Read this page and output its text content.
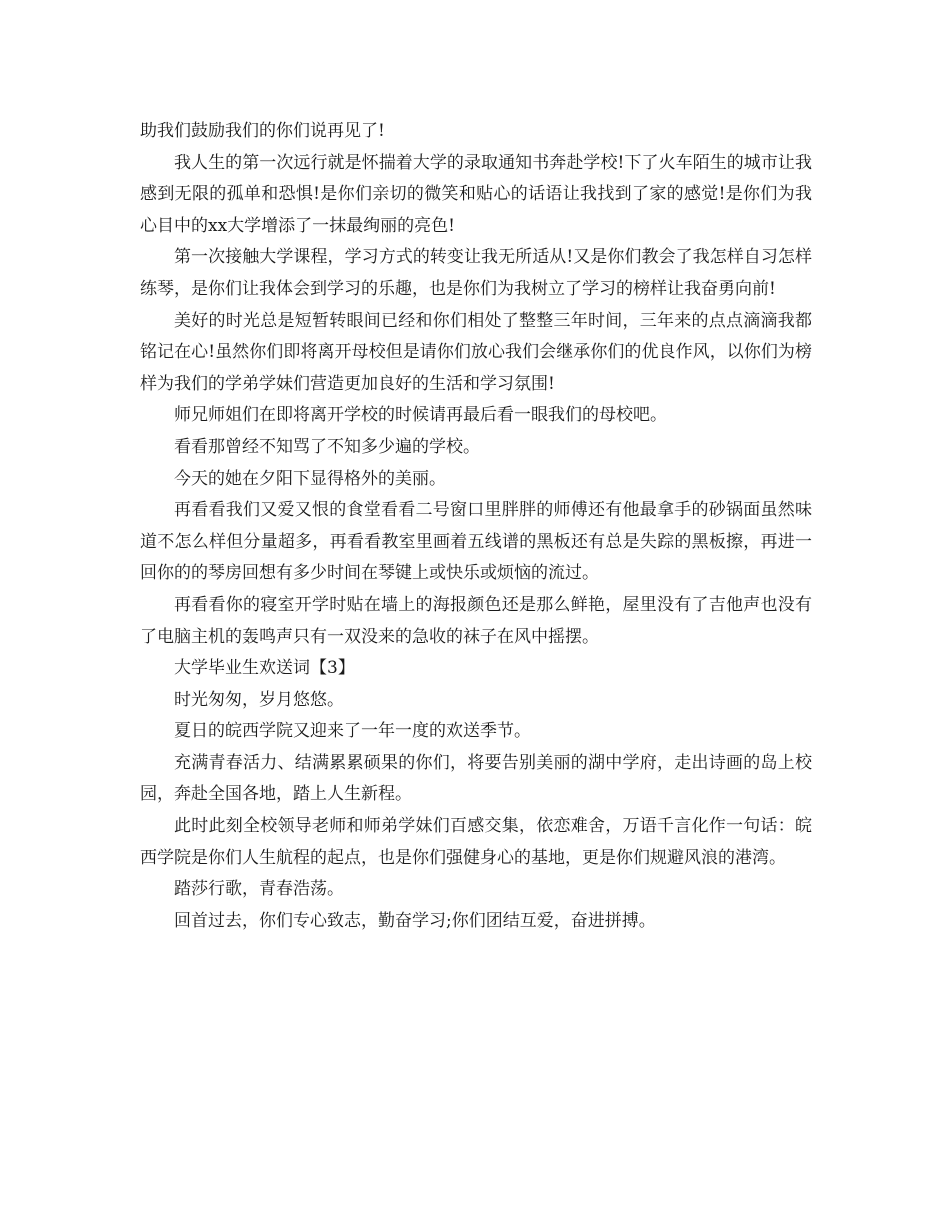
助我们鼓励我们的你们说再见了!

我人生的第一次远行就是怀揣着大学的录取通知书奔赴学校!下了火车陌生的城市让我感到无限的孤单和恐惧!是你们亲切的微笑和贴心的话语让我找到了家的感觉!是你们为我心目中的xx大学增添了一抹最绚丽的亮色!

第一次接触大学课程，学习方式的转变让我无所适从!又是你们教会了我怎样自习怎样练琴，是你们让我体会到学习的乐趣，也是你们为我树立了学习的榜样让我奋勇向前!

美好的时光总是短暂转眼间已经和你们相处了整整三年时间，三年来的点点滴滴我都铭记在心!虽然你们即将离开母校但是请你们放心我们会继承你们的优良作风，以你们为榜样为我们的学弟学妹们营造更加良好的生活和学习氛围!

师兄师姐们在即将离开学校的时候请再最后看一眼我们的母校吧。

看看那曾经不知骂了不知多少遍的学校。

今天的她在夕阳下显得格外的美丽。

再看看我们又爱又恨的食堂看看二号窗口里胖胖的师傅还有他最拿手的砂锅面虽然味道不怎么样但分量超多，再看看教室里画着五线谱的黑板还有总是失踪的黑板擦，再进一回你的的琴房回想有多少时间在琴键上或快乐或烦恼的流过。

再看看你的寝室开学时贴在墙上的海报颜色还是那么鲜艳，屋里没有了吉他声也没有了电脑主机的轰鸣声只有一双没来的急收的袜子在风中摇摆。

大学毕业生欢送词【3】

时光匆匆，岁月悠悠。

夏日的皖西学院又迎来了一年一度的欢送季节。

充满青春活力、结满累累硕果的你们，将要告别美丽的湖中学府，走出诗画的岛上校园，奔赴全国各地，踏上人生新程。

此时此刻全校领导老师和师弟学妹们百感交集，依恋难舍，万语千言化作一句话：皖西学院是你们人生航程的起点，也是你们强健身心的基地，更是你们规避风浪的港湾。

踏莎行歌，青春浩荡。

回首过去，你们专心致志，勤奋学习;你们团结互爱，奋进拼搏。
